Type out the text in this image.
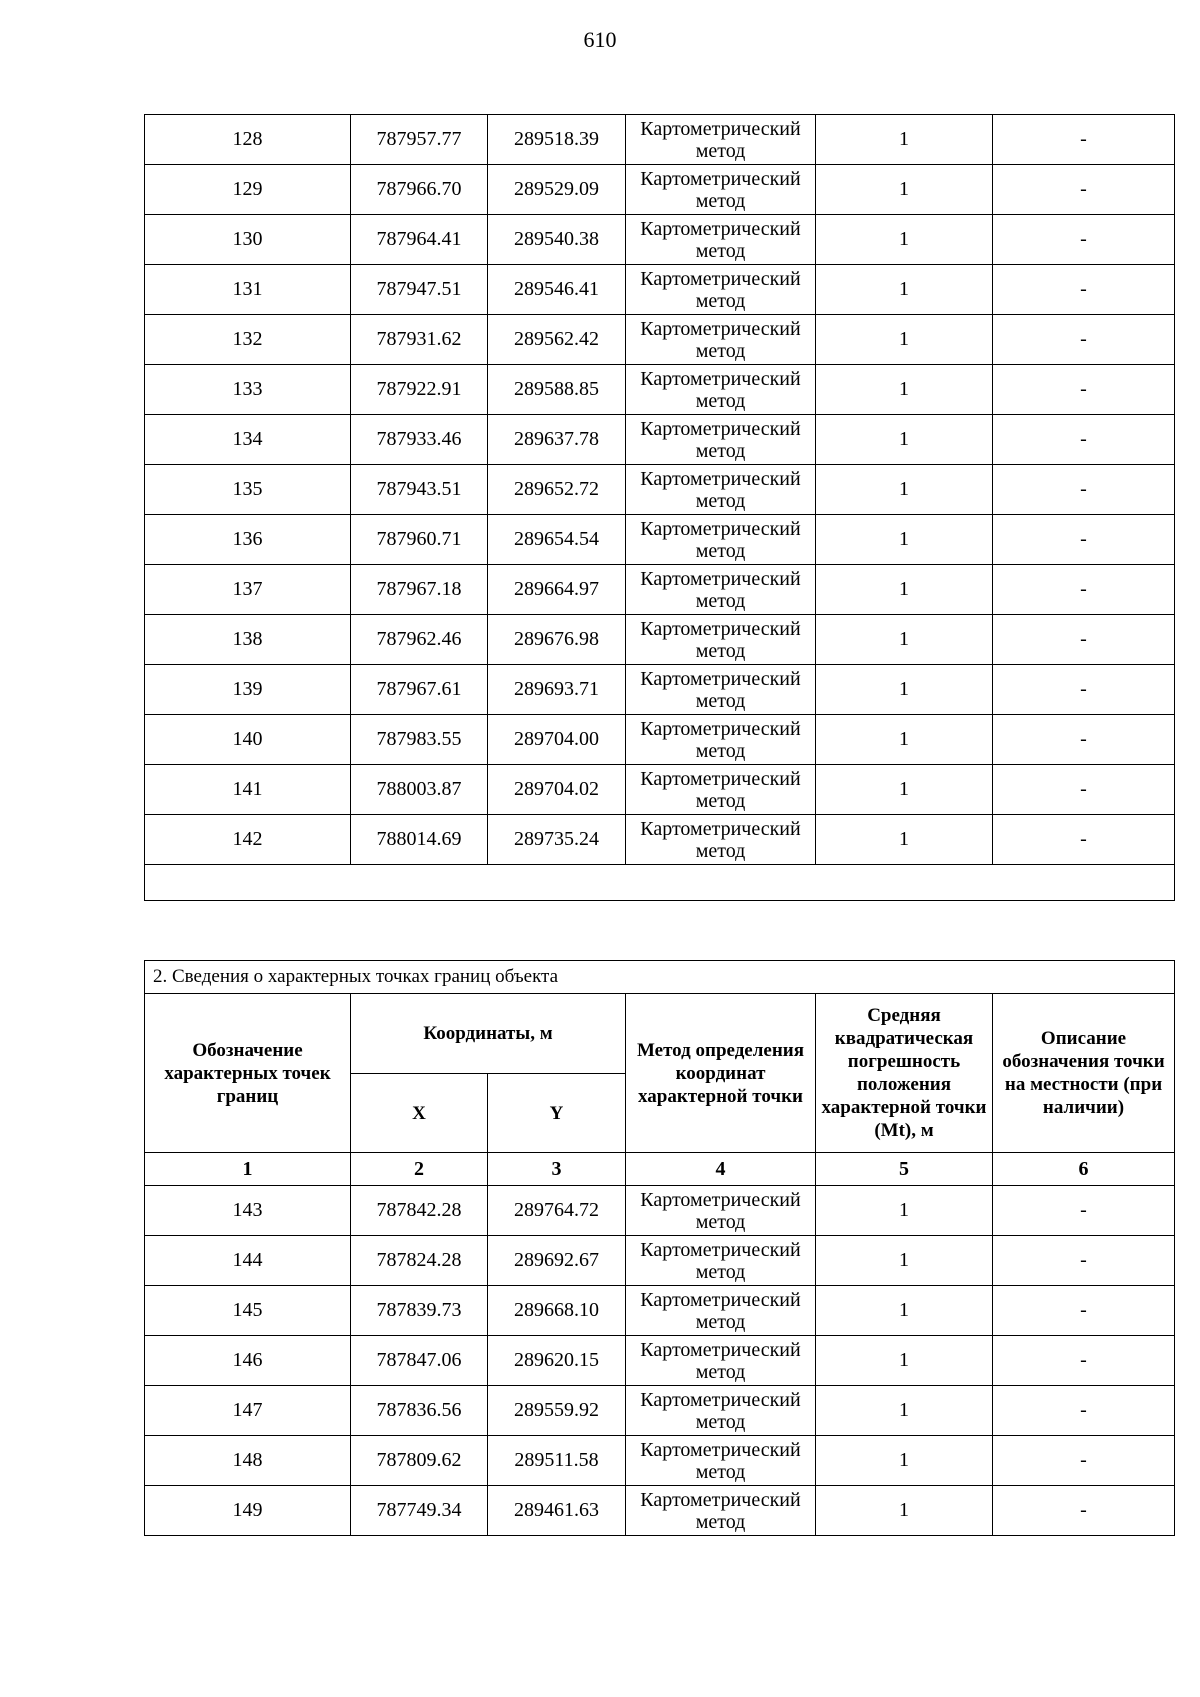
610
128	787957.77	289518.39	Картометрический метод	1	-
129	787966.70	289529.09	Картометрический метод	1	-
130	787964.41	289540.38	Картометрический метод	1	-
131	787947.51	289546.41	Картометрический метод	1	-
132	787931.62	289562.42	Картометрический метод	1	-
133	787922.91	289588.85	Картометрический метод	1	-
134	787933.46	289637.78	Картометрический метод	1	-
135	787943.51	289652.72	Картометрический метод	1	-
136	787960.71	289654.54	Картометрический метод	1	-
137	787967.18	289664.97	Картометрический метод	1	-
138	787962.46	289676.98	Картометрический метод	1	-
139	787967.61	289693.71	Картометрический метод	1	-
140	787983.55	289704.00	Картометрический метод	1	-
141	788003.87	289704.02	Картометрический метод	1	-
142	788014.69	289735.24	Картометрический метод	1	-

2. Сведения о характерных точках границ объекта					
Обозначение характерных точек границ	Координаты, м		Метод определения координат характерной точки	Средняя квадратическая погрешность положения характерной точки (Mt), м	Описание обозначения точки на местности (при наличии)
	X	Y			
1	2	3	4	5	6
143	787842.28	289764.72	Картометрический метод	1	-
144	787824.28	289692.67	Картометрический метод	1	-
145	787839.73	289668.10	Картометрический метод	1	-
146	787847.06	289620.15	Картометрический метод	1	-
147	787836.56	289559.92	Картометрический метод	1	-
148	787809.62	289511.58	Картометрический метод	1	-
149	787749.34	289461.63	Картометрический метод	1	-
